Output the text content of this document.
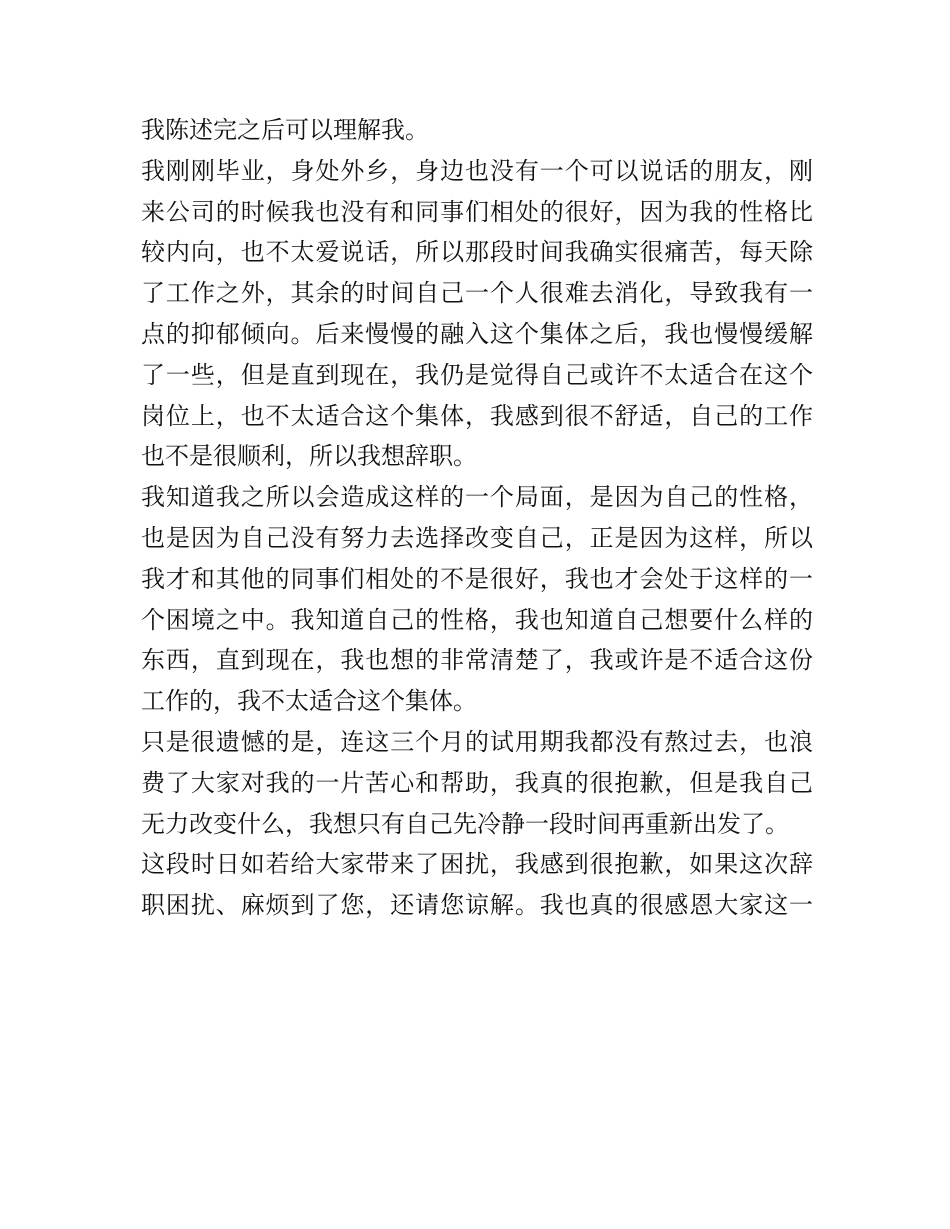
我陈述完之后可以理解我。
我刚刚毕业，身处外乡，身边也没有一个可以说话的朋友，刚
来公司的时候我也没有和同事们相处的很好，因为我的性格比
较内向，也不太爱说话，所以那段时间我确实很痛苦，每天除
了工作之外，其余的时间自己一个人很难去消化，导致我有一
点的抑郁倾向。后来慢慢的融入这个集体之后，我也慢慢缓解
了一些，但是直到现在，我仍是觉得自己或许不太适合在这个
岗位上，也不太适合这个集体，我感到很不舒适，自己的工作
也不是很顺利，所以我想辞职。
我知道我之所以会造成这样的一个局面，是因为自己的性格，
也是因为自己没有努力去选择改变自己，正是因为这样，所以
我才和其他的同事们相处的不是很好，我也才会处于这样的一
个困境之中。我知道自己的性格，我也知道自己想要什么样的
东西，直到现在，我也想的非常清楚了，我或许是不适合这份
工作的，我不太适合这个集体。
只是很遗憾的是，连这三个月的试用期我都没有熬过去，也浪
费了大家对我的一片苦心和帮助，我真的很抱歉，但是我自己
无力改变什么，我想只有自己先冷静一段时间再重新出发了。
这段时日如若给大家带来了困扰，我感到很抱歉，如果这次辞
职困扰、麻烦到了您，还请您谅解。我也真的很感恩大家这一
